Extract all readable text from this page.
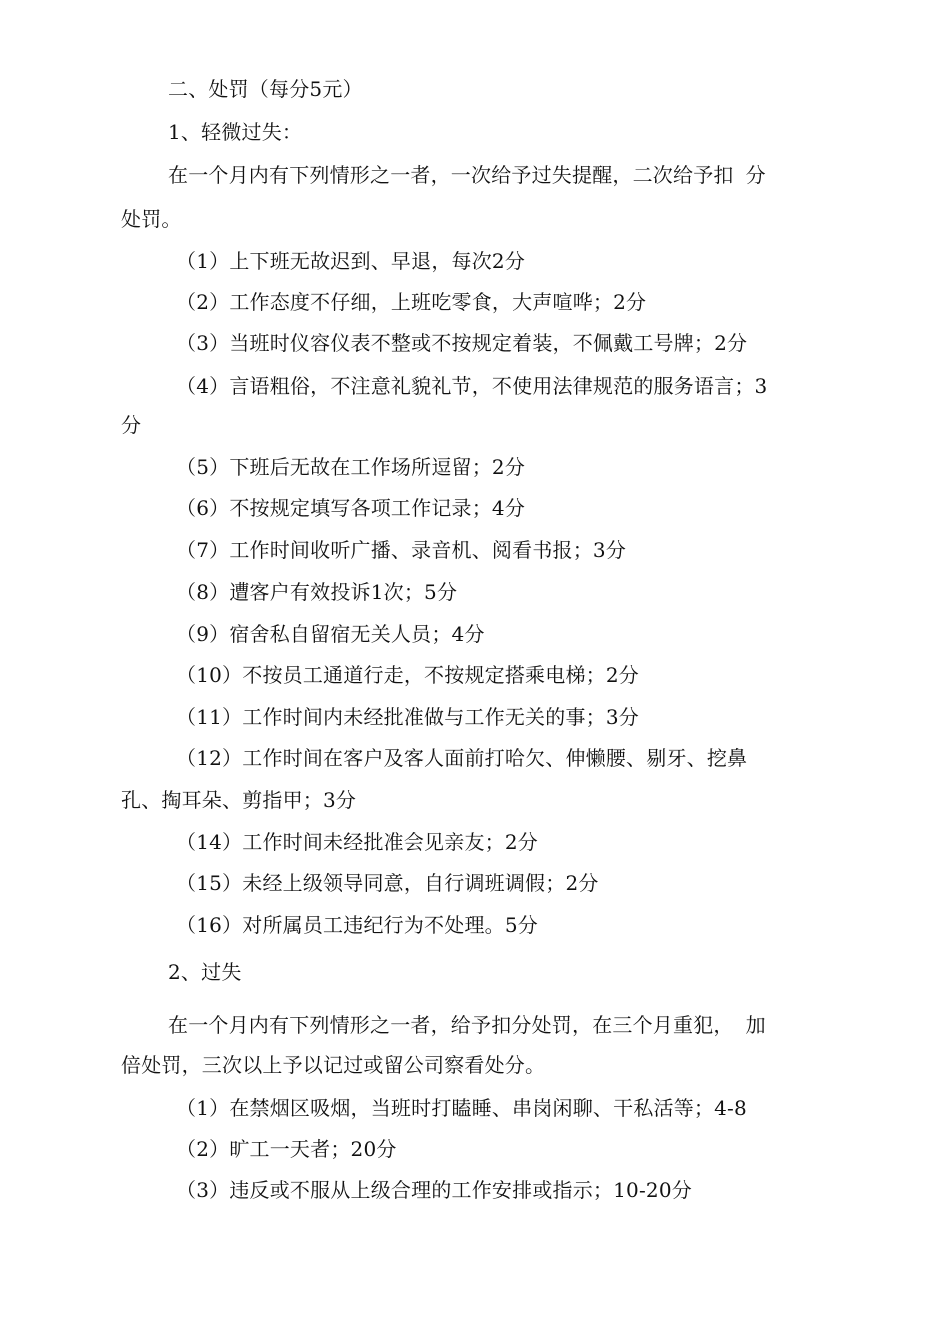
二、处罚（每分5元）
1、轻微过失：
在一个月内有下列情形之一者，一次给予过失提醒，二次给予扣 分
处罚。
（1）上下班无故迟到、早退，每次2分
（2）工作态度不仔细，上班吃零食，大声喧哗；2分
（3）当班时仪容仪表不整或不按规定着装，不佩戴工号牌；2分
（4）言语粗俗，不注意礼貌礼节，不使用法律规范的服务语言；3
分
（5）下班后无故在工作场所逗留；2分
（6）不按规定填写各项工作记录；4分
（7）工作时间收听广播、录音机、阅看书报；3分
（8）遭客户有效投诉1次；5分
（9）宿舍私自留宿无关人员；4分
（10）不按员工通道行走，不按规定搭乘电梯；2分
（11）工作时间内未经批准做与工作无关的事；3分
（12）工作时间在客户及客人面前打哈欠、伸懒腰、剔牙、挖鼻
孔、掏耳朵、剪指甲；3分
（14）工作时间未经批准会见亲友；2分
（15）未经上级领导同意，自行调班调假；2分
（16）对所属员工违纪行为不处理。5分
2、过失
在一个月内有下列情形之一者，给予扣分处罚，在三个月重犯， 加
倍处罚，三次以上予以记过或留公司察看处分。
（1）在禁烟区吸烟，当班时打瞌睡、串岗闲聊、干私活等；4-8
（2）旷工一天者；20分
（3）违反或不服从上级合理的工作安排或指示；10-20分
